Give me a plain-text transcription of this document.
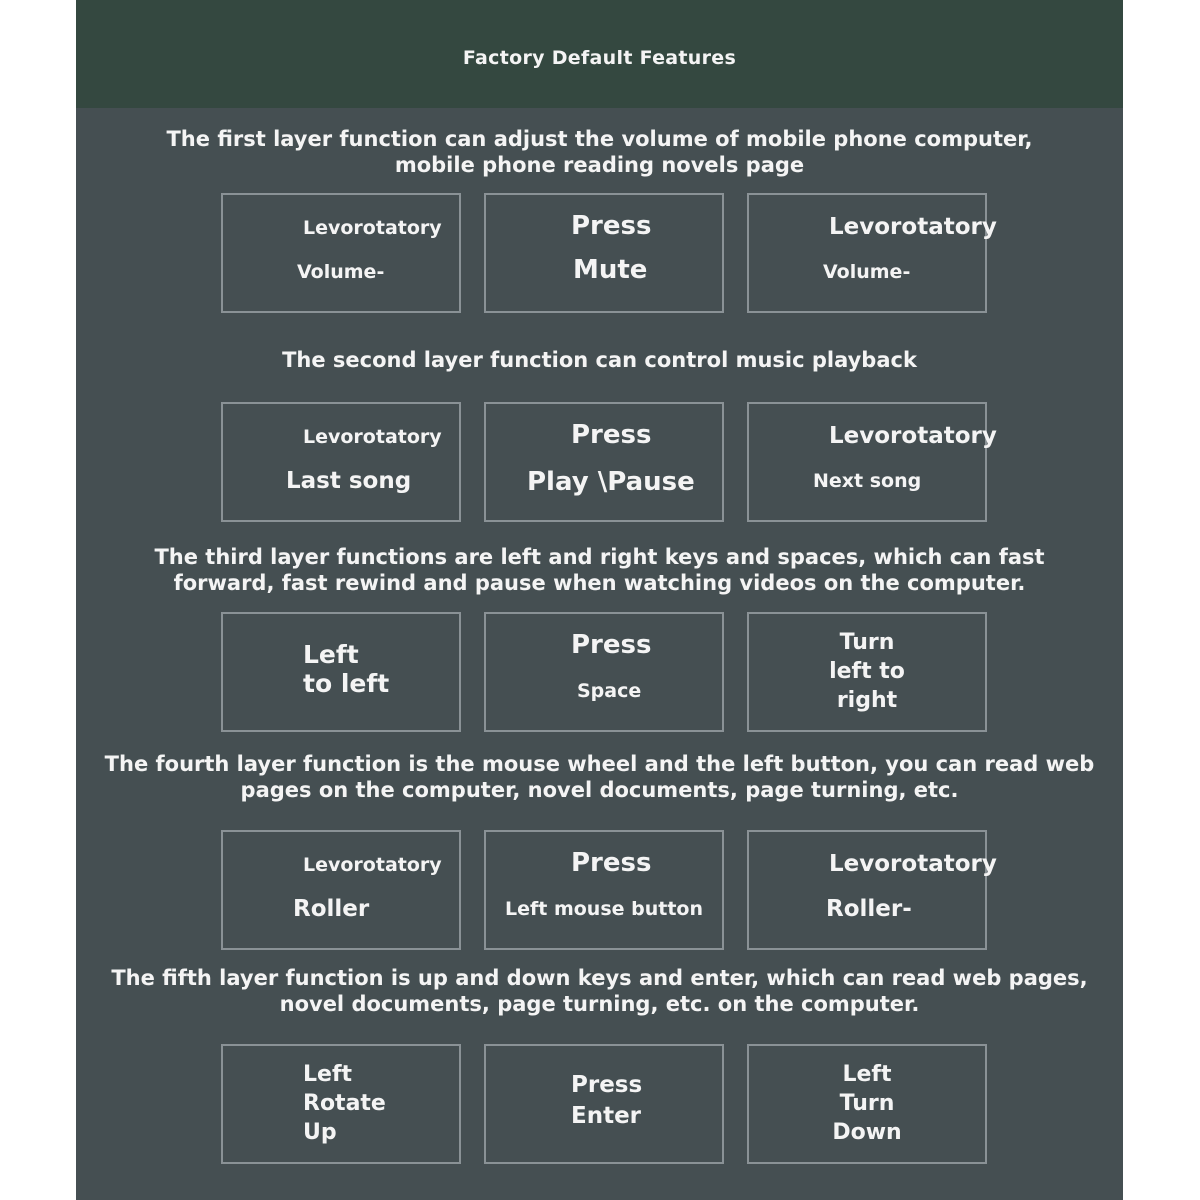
Factory Default Features
The first layer function can adjust the volume of mobile phone computer,
mobile phone reading novels page
Levorotatory
Volume-
Press
Mute
Levorotatory
Volume-
The second layer function can control music playback
Levorotatory
Last song
Press
Play \Pause
Levorotatory
Next song
The third layer functions are left and right keys and spaces, which can fast
forward, fast rewind and pause when watching videos on the computer.
Left
to left
Press
Space
Turn
left to
right
The fourth layer function is the mouse wheel and the left button, you can read web
pages on the computer, novel documents, page turning, etc.
Levorotatory
Roller
Press
Left mouse button
Levorotatory
Roller-
The fifth layer function is up and down keys and enter, which can read web pages,
novel documents, page turning, etc. on the computer.
Left
Rotate
Up
Press
Enter
Left
Turn
Down
